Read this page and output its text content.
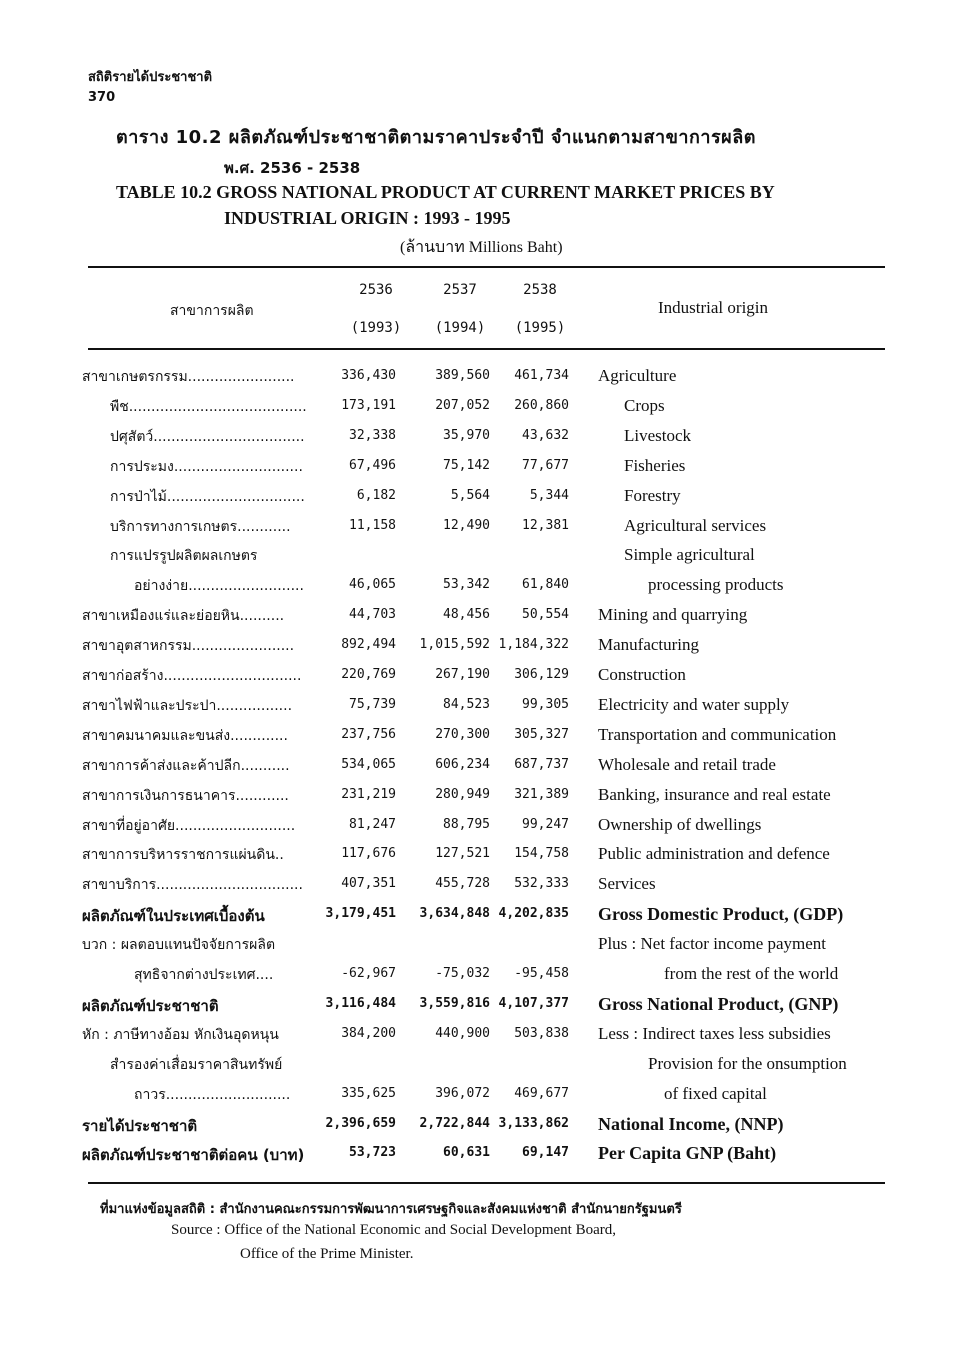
สถิติรายได้ประชาชาติ
370
ตาราง 10.2 ผลิตภัณฑ์ประชาชาติตามราคาประจำปี จำแนกตามสาขาการผลิต
พ.ศ. 2536 - 2538
TABLE 10.2 GROSS NATIONAL PRODUCT AT CURRENT MARKET PRICES BY
INDUSTRIAL ORIGIN : 1993 - 1995
(ล้านบาท Millions Baht)
สาขาการผลิต
2536	2537	2538
(1993)	(1994)	(1995)
Industrial origin
สาขาเกษตรกรรม........................	336,430	389,560	461,734 Agriculture
พืช........................................	173,191	207,052	260,860	Crops
ปศุสัตว์..................................	32,338	35,970	43,632	Livestock
การประมง.............................	67,496	75,142	77,677	Fisheries
การป่าไม้...............................	6,182	5,564	5,344	Forestry
บริการทางการเกษตร............	11,158	12,490	12,381	Agricultural services
การแปรรูปผลิตผลเกษตร	Simple agricultural
อย่างง่าย..........................	46,065	53,342	61,840	processing products
สาขาเหมืองแร่และย่อยหิน..........	44,703	48,456	50,554 Mining and quarrying
สาขาอุตสาหกรรม.......................	892,494 1,015,592 1,184,322 Manufacturing
สาขาก่อสร้าง...............................	220,769	267,190	306,129 Construction
สาขาไฟฟ้าและประปา.................	75,739	84,523	99,305 Electricity and water supply
สาขาคมนาคมและขนส่ง.............	237,756	270,300	305,327 Transportation and communication
สาขาการค้าส่งและค้าปลีก...........	534,065	606,234	687,737 Wholesale and retail trade
สาขาการเงินการธนาคาร............	231,219	280,949	321,389 Banking, insurance and real estate
สาขาที่อยู่อาศัย...........................	81,247	88,795	99,247 Ownership of dwellings
สาขาการบริหารราชการแผ่นดิน..	117,676	127,521	154,758 Public administration and defence
สาขาบริการ.................................	407,351	455,728	532,333 Services
ผลิตภัณฑ์ในประเทศเบื้องต้น	3,179,451 3,634,848 4,202,835 Gross Domestic Product, (GDP)
บวก : ผลตอบแทนปัจจัยการผลิต	Plus : Net factor income payment
สุทธิจากต่างประเทศ....	-62,967	-75,032	-95,458	from the rest of the world
ผลิตภัณฑ์ประชาชาติ	3,116,484 3,559,816 4,107,377 Gross National Product, (GNP)
หัก : ภาษีทางอ้อม หักเงินอุดหนุน	384,200	440,900	503,838 Less : Indirect taxes less subsidies
สำรองค่าเสื่อมราคาสินทรัพย์	Provision for the onsumption
ถาวร............................	335,625	396,072	469,677	of fixed capital
รายได้ประชาชาติ	2,396,659 2,722,844 3,133,862 National Income, (NNP)
ผลิตภัณฑ์ประชาชาติต่อคน (บาท)	53,723	60,631	69,147 Per Capita GNP (Baht)
ที่มาแห่งข้อมูลสถิติ : สำนักงานคณะกรรมการพัฒนาการเศรษฐกิจและสังคมแห่งชาติ สำนักนายกรัฐมนตรี
Source : Office of the National Economic and Social Development Board,
Office of the Prime Minister.
